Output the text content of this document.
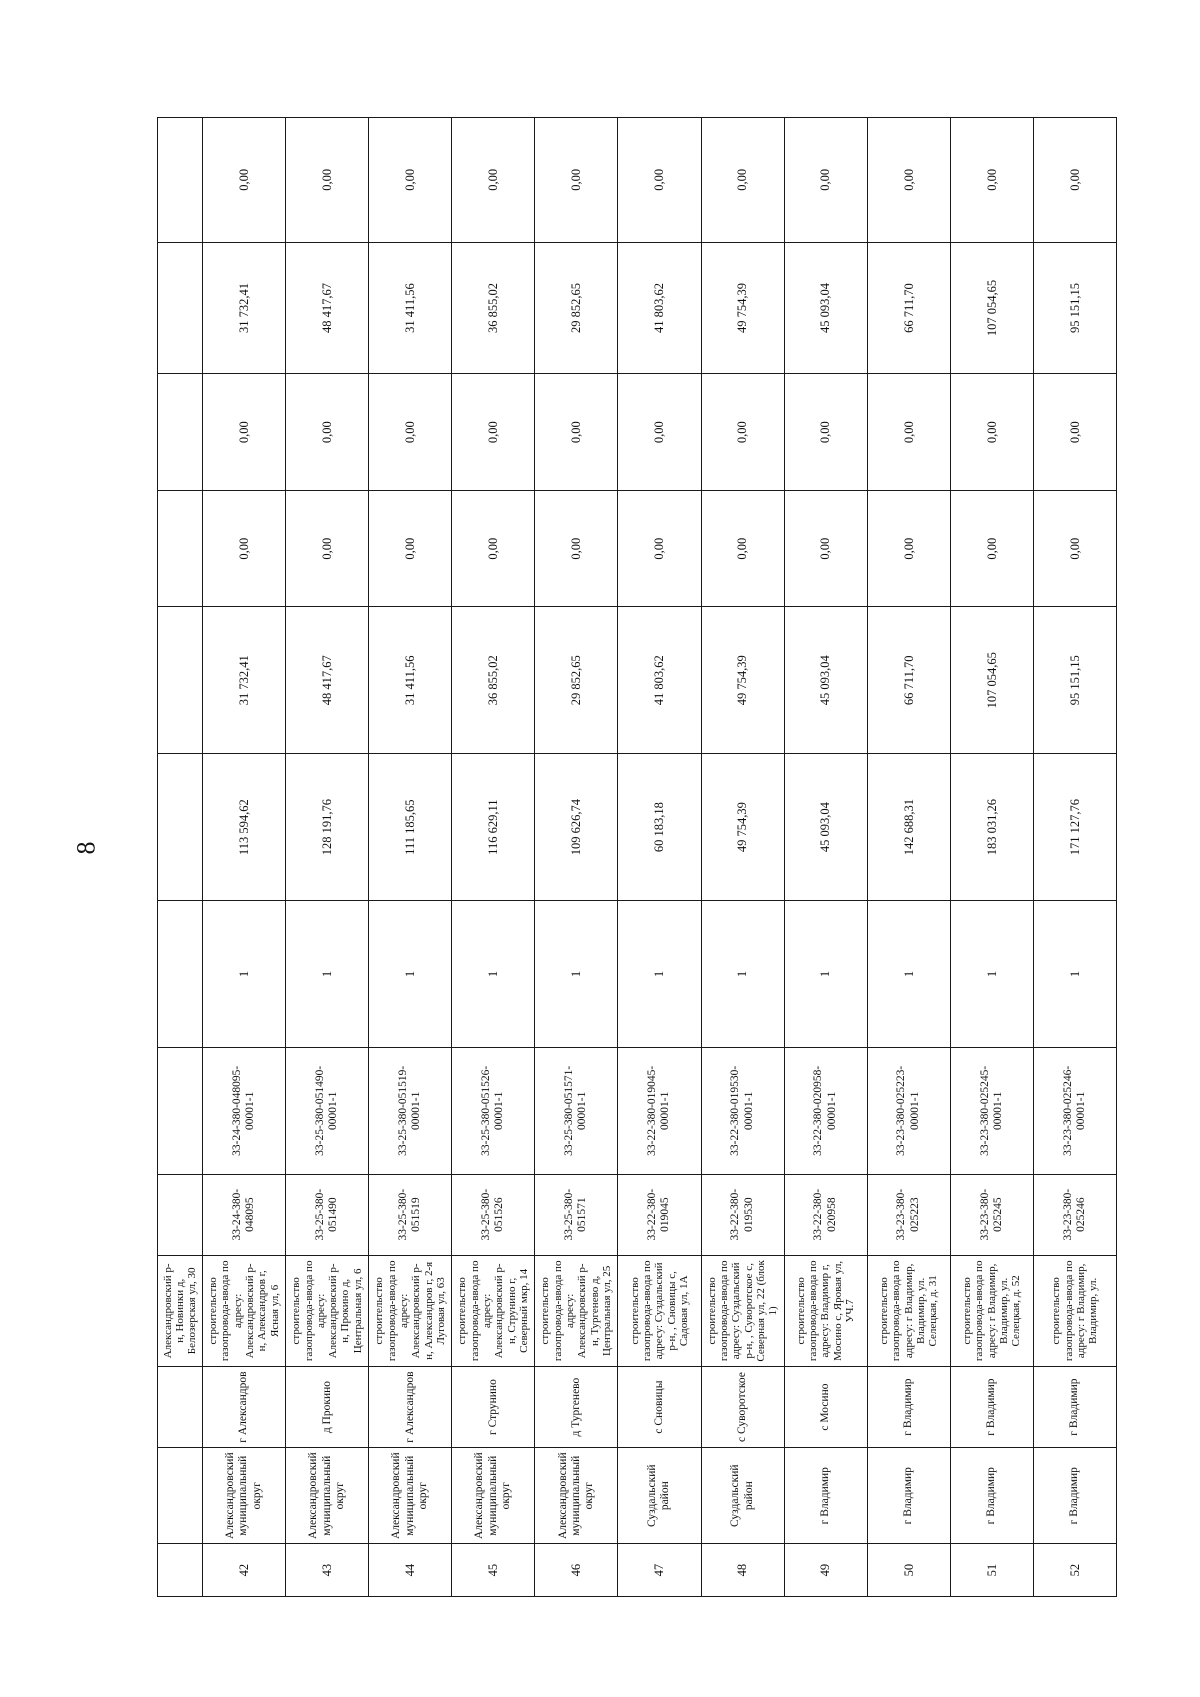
8
			Александровский р-н, Новинки д, Белозерская ул, 30									
42	Александровский муниципальный округ	г Александров	строительство газопровода-ввода по адресу: Александровский р-н, Александров г, Ясная ул, 6	33-24-380-048095	33-24-380-048095-00001-1	1	113 594,62	31 732,41	0,00	0,00	31 732,41	0,00
43	Александровский муниципальный округ	д Прокино	строительство газопровода-ввода по адресу: Александровский р-н, Прокино д, Центральная ул, 6	33-25-380-051490	33-25-380-051490-00001-1	1	128 191,76	48 417,67	0,00	0,00	48 417,67	0,00
44	Александровский муниципальный округ	г Александров	строительство газопровода-ввода по адресу: Александровский р-н, Александров г, 2-я Луговая ул, 63	33-25-380-051519	33-25-380-051519-00001-1	1	111 185,65	31 411,56	0,00	0,00	31 411,56	0,00
45	Александровский муниципальный округ	г Струнино	строительство газопровода-ввода по адресу: Александровский р-н, Струнино г, Северный мкр, 14	33-25-380-051526	33-25-380-051526-00001-1	1	116 629,11	36 855,02	0,00	0,00	36 855,02	0,00
46	Александровский муниципальный округ	д Тургенево	строительство газопровода-ввода по адресу: Александровский р-н, Тургенево д, Центральная ул, 25	33-25-380-051571	33-25-380-051571-00001-1	1	109 626,74	29 852,65	0,00	0,00	29 852,65	0,00
47	Суздальский район	с Сновицы	строительство газопровода-ввода по адресу: Суздальский р-н, , Сновицы с, Садовая ул, 1А	33-22-380-019045	33-22-380-019045-00001-1	1	60 183,18	41 803,62	0,00	0,00	41 803,62	0,00
48	Суздальский район	с Суворотское	строительство газопровода-ввода по адресу: Суздальский р-н, , Суворотское с, Северная ул, 22 (блок 1)	33-22-380-019530	33-22-380-019530-00001-1	1	49 754,39	49 754,39	0,00	0,00	49 754,39	0,00
49	г Владимир	с Мосино	строительство газопровода-ввода по адресу: Владимир г, Мосино с, Яровая ул, УЧ.7	33-22-380-020958	33-22-380-020958-00001-1	1	45 093,04	45 093,04	0,00	0,00	45 093,04	0,00
50	г Владимир	г Владимир	строительство газопровода-ввода по адресу: г Владимир, Владимир, ул. Селецкая, д. 31	33-23-380-025223	33-23-380-025223-00001-1	1	142 688,31	66 711,70	0,00	0,00	66 711,70	0,00
51	г Владимир	г Владимир	строительство газопровода-ввода по адресу: г Владимир, Владимир, ул. Селецкая, д. 52	33-23-380-025245	33-23-380-025245-00001-1	1	183 031,26	107 054,65	0,00	0,00	107 054,65	0,00
52	г Владимир	г Владимир	строительство газопровода-ввода по адресу: г Владимир, Владимир, ул.	33-23-380-025246	33-23-380-025246-00001-1	1	171 127,76	95 151,15	0,00	0,00	95 151,15	0,00
